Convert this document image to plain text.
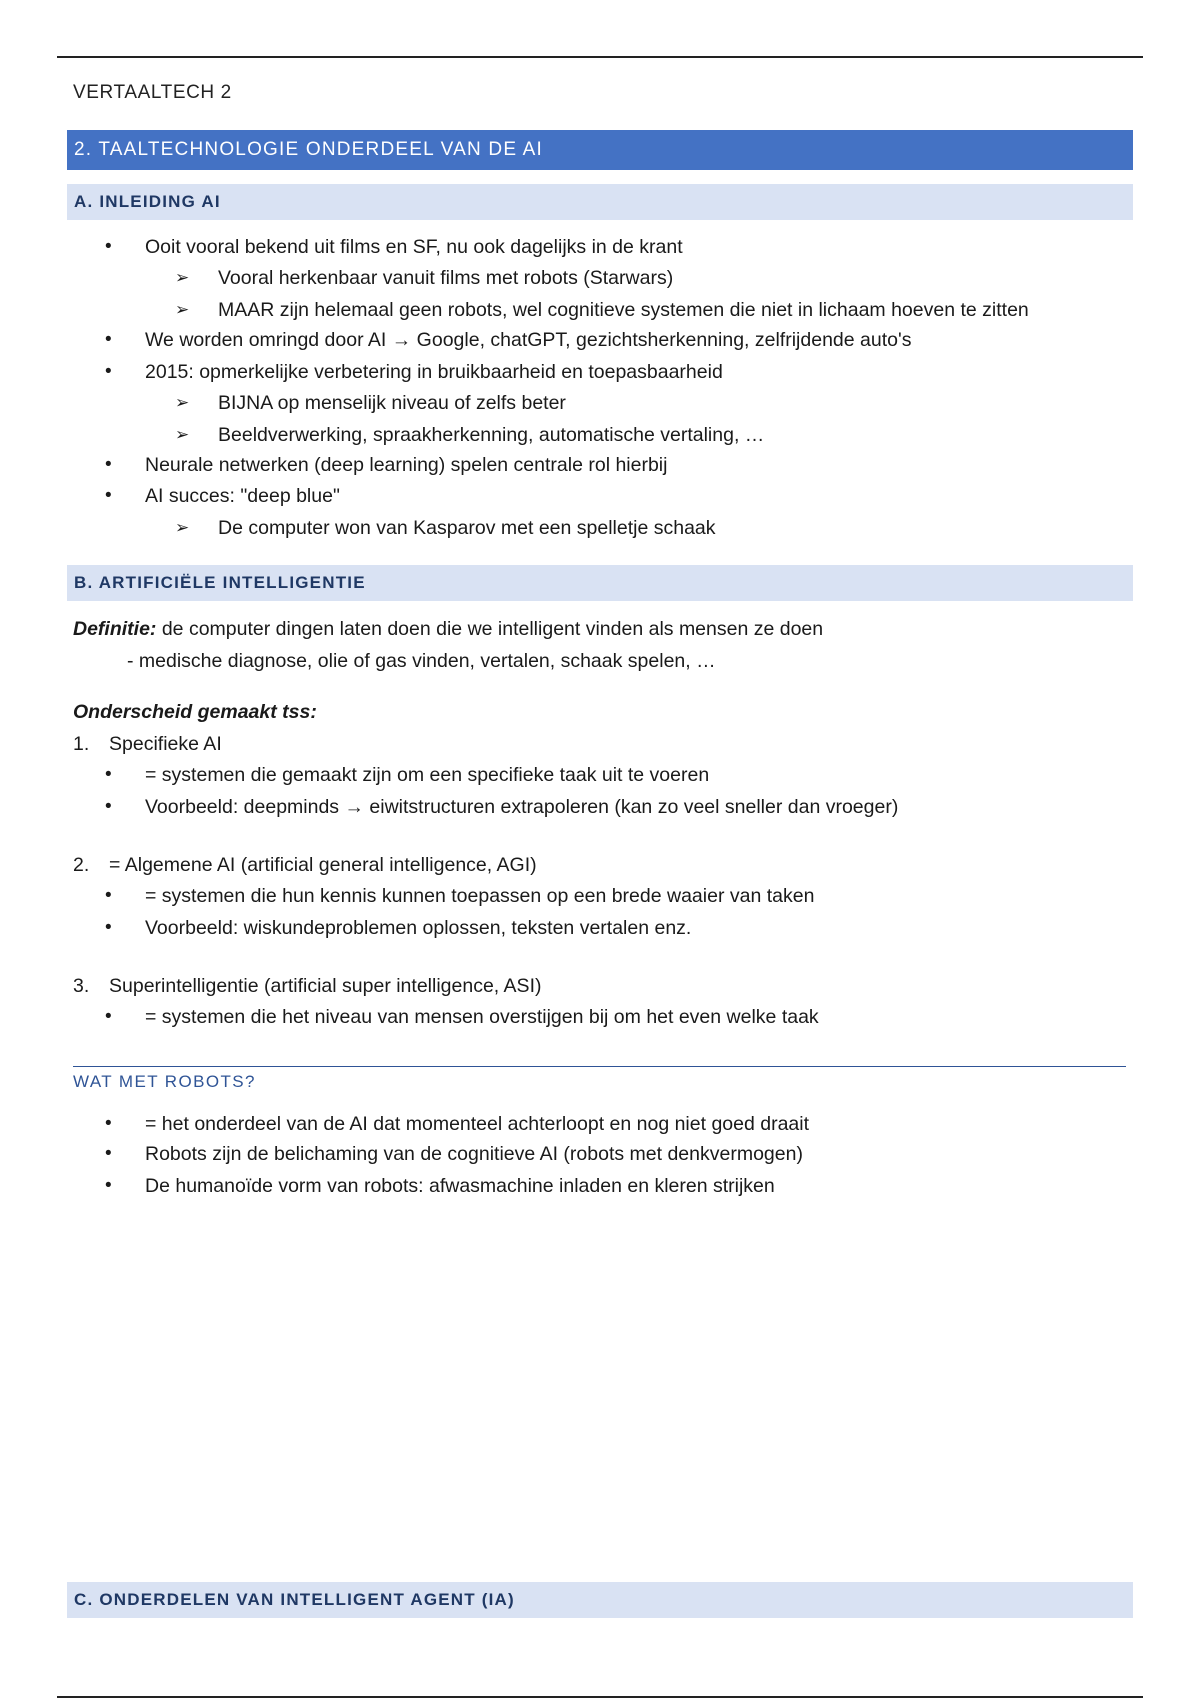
VERTAALTECH 2
2. TAALTECHNOLOGIE ONDERDEEL VAN DE AI
A. INLEIDING AI
• Ooit vooral bekend uit films en SF, nu ook dagelijks in de krant
➢ Vooral herkenbaar vanuit films met robots (Starwars)
➢ MAAR zijn helemaal geen robots, wel cognitieve systemen die niet in lichaam hoeven te zitten
• We worden omringd door AI → Google, chatGPT, gezichtsherkenning, zelfrijdende auto's
• 2015: opmerkelijke verbetering in bruikbaarheid en toepasbaarheid
➢ BIJNA op menselijk niveau of zelfs beter
➢ Beeldverwerking, spraakherkenning, automatische vertaling, …
• Neurale netwerken (deep learning) spelen centrale rol hierbij
• AI succes: "deep blue"
➢ De computer won van Kasparov met een spelletje schaak
B. ARTIFICIËLE INTELLIGENTIE
Definitie: de computer dingen laten doen die we intelligent vinden als mensen ze doen
- medische diagnose, olie of gas vinden, vertalen, schaak spelen, …
Onderscheid gemaakt tss:
1. Specifieke AI
• = systemen die gemaakt zijn om een specifieke taak uit te voeren
• Voorbeeld: deepminds → eiwitstructuren extrapoleren (kan zo veel sneller dan vroeger)
2. = Algemene AI (artificial general intelligence, AGI)
• = systemen die hun kennis kunnen toepassen op een brede waaier van taken
• Voorbeeld: wiskundeproblemen oplossen, teksten vertalen enz.
3. Superintelligentie (artificial super intelligence, ASI)
• = systemen die het niveau van mensen overstijgen bij om het even welke taak
WAT MET ROBOTS?
• = het onderdeel van de AI dat momenteel achterloopt en nog niet goed draait
• Robots zijn de belichaming van de cognitieve AI (robots met denkvermogen)
• De humanoïde vorm van robots: afwasmachine inladen en kleren strijken
C. ONDERDELEN VAN INTELLIGENT AGENT (IA)
